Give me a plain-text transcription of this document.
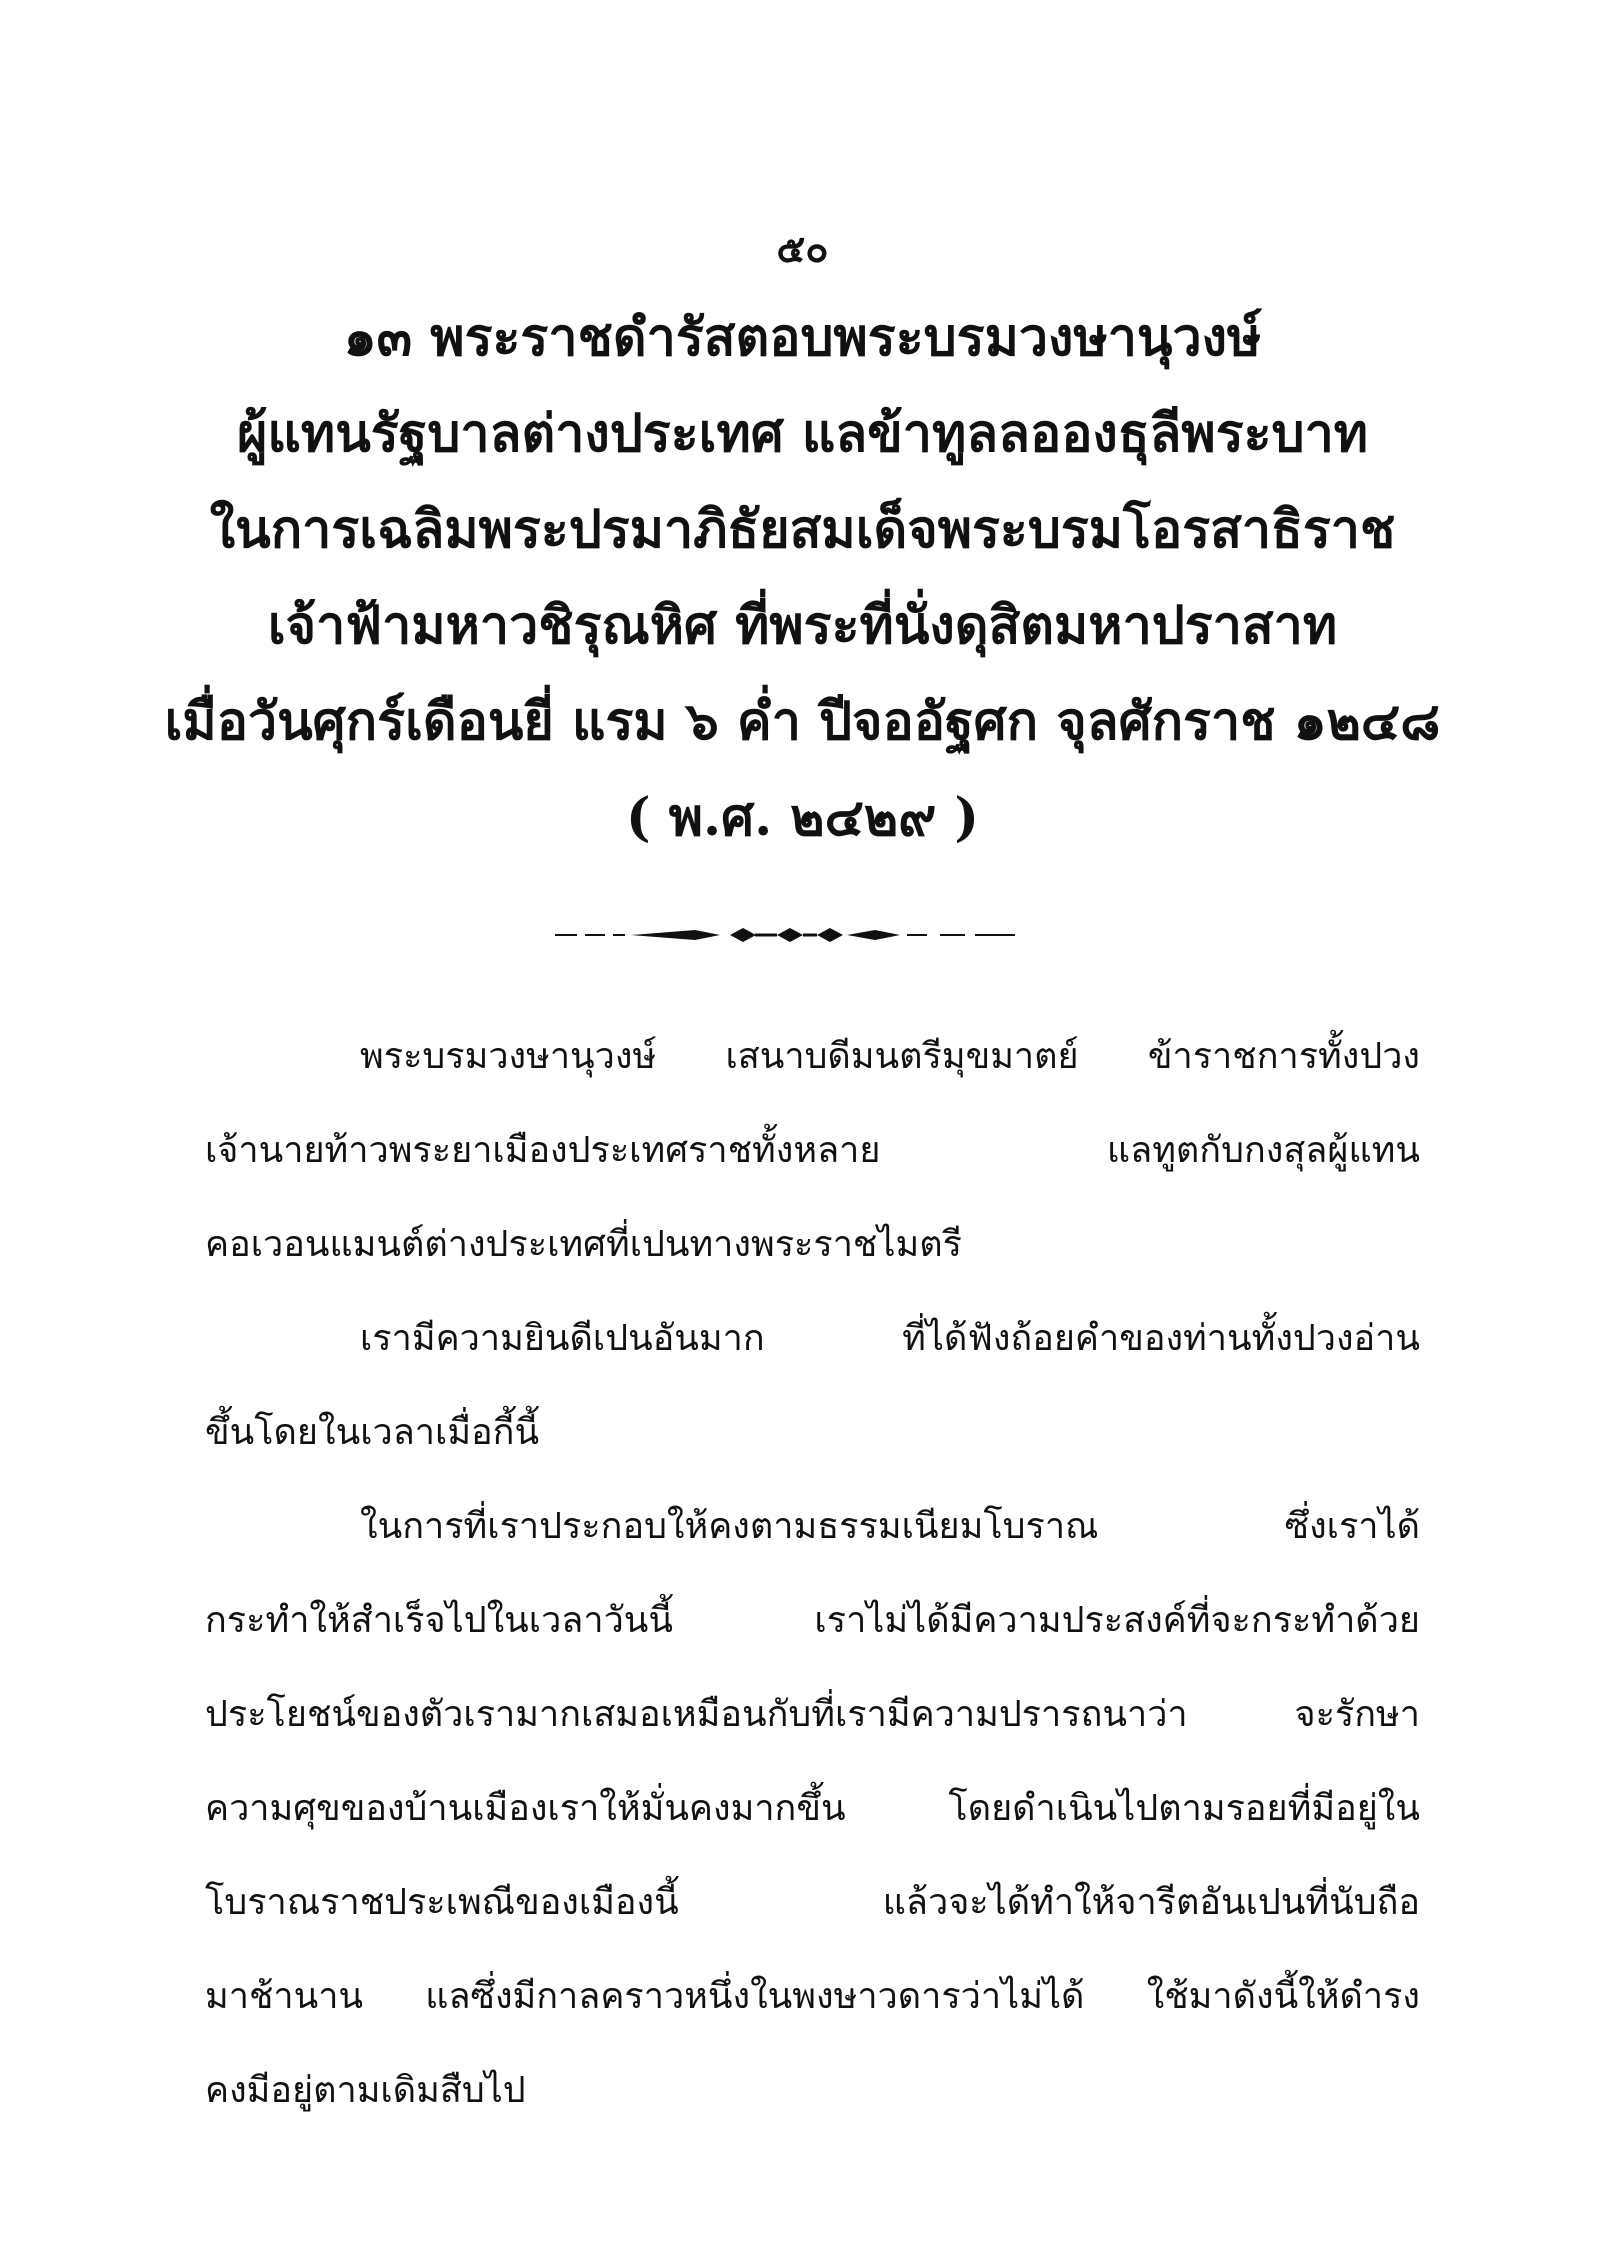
๕๐
๑๓ พระราชดำรัสตอบพระบรมวงษานุวงษ์
ผู้แทนรัฐบาลต่างประเทศ แลข้าทูลลอองธุลีพระบาท
ในการเฉลิมพระปรมาภิธัยสมเด็จพระบรมโอรสาธิราช
เจ้าฟ้ามหาวชิรุณหิศ ที่พระที่นั่งดุสิตมหาปราสาท
เมื่อวันศุกร์เดือนยี่ แรม ๖ ค่ำ ปีจออัฐศก จุลศักราช ๑๒๔๘
( พ.ศ. ๒๔๒๙ )
พระบรมวงษานุวงษ์ เสนาบดีมนตรีมุขมาตย์ ข้าราชการทั้งปวง
เจ้านายท้าวพระยาเมืองประเทศราชทั้งหลาย แลทูตกับกงสุลผู้แทน
คอเวอนแมนต์ต่างประเทศที่เปนทางพระราชไมตรี
เรามีความยินดีเปนอันมาก ที่ได้ฟังถ้อยคำของท่านทั้งปวงอ่าน
ขึ้นโดยในเวลาเมื่อกี้นี้
ในการที่เราประกอบให้คงตามธรรมเนียมโบราณ ซึ่งเราได้
กระทำให้สำเร็จไปในเวลาวันนี้ เราไม่ได้มีความประสงค์ที่จะกระทำด้วย
ประโยชน์ของตัวเรามากเสมอเหมือนกับที่เรามีความปรารถนาว่า จะรักษา
ความศุขของบ้านเมืองเราให้มั่นคงมากขึ้น โดยดำเนินไปตามรอยที่มีอยู่ใน
โบราณราชประเพณีของเมืองนี้ แล้วจะได้ทำให้จารีตอันเปนที่นับถือ
มาช้านาน แลซึ่งมีกาลคราวหนึ่งในพงษาวดารว่าไม่ได้ ใช้มาดังนี้ให้ดำรง
คงมีอยู่ตามเดิมสืบไป
